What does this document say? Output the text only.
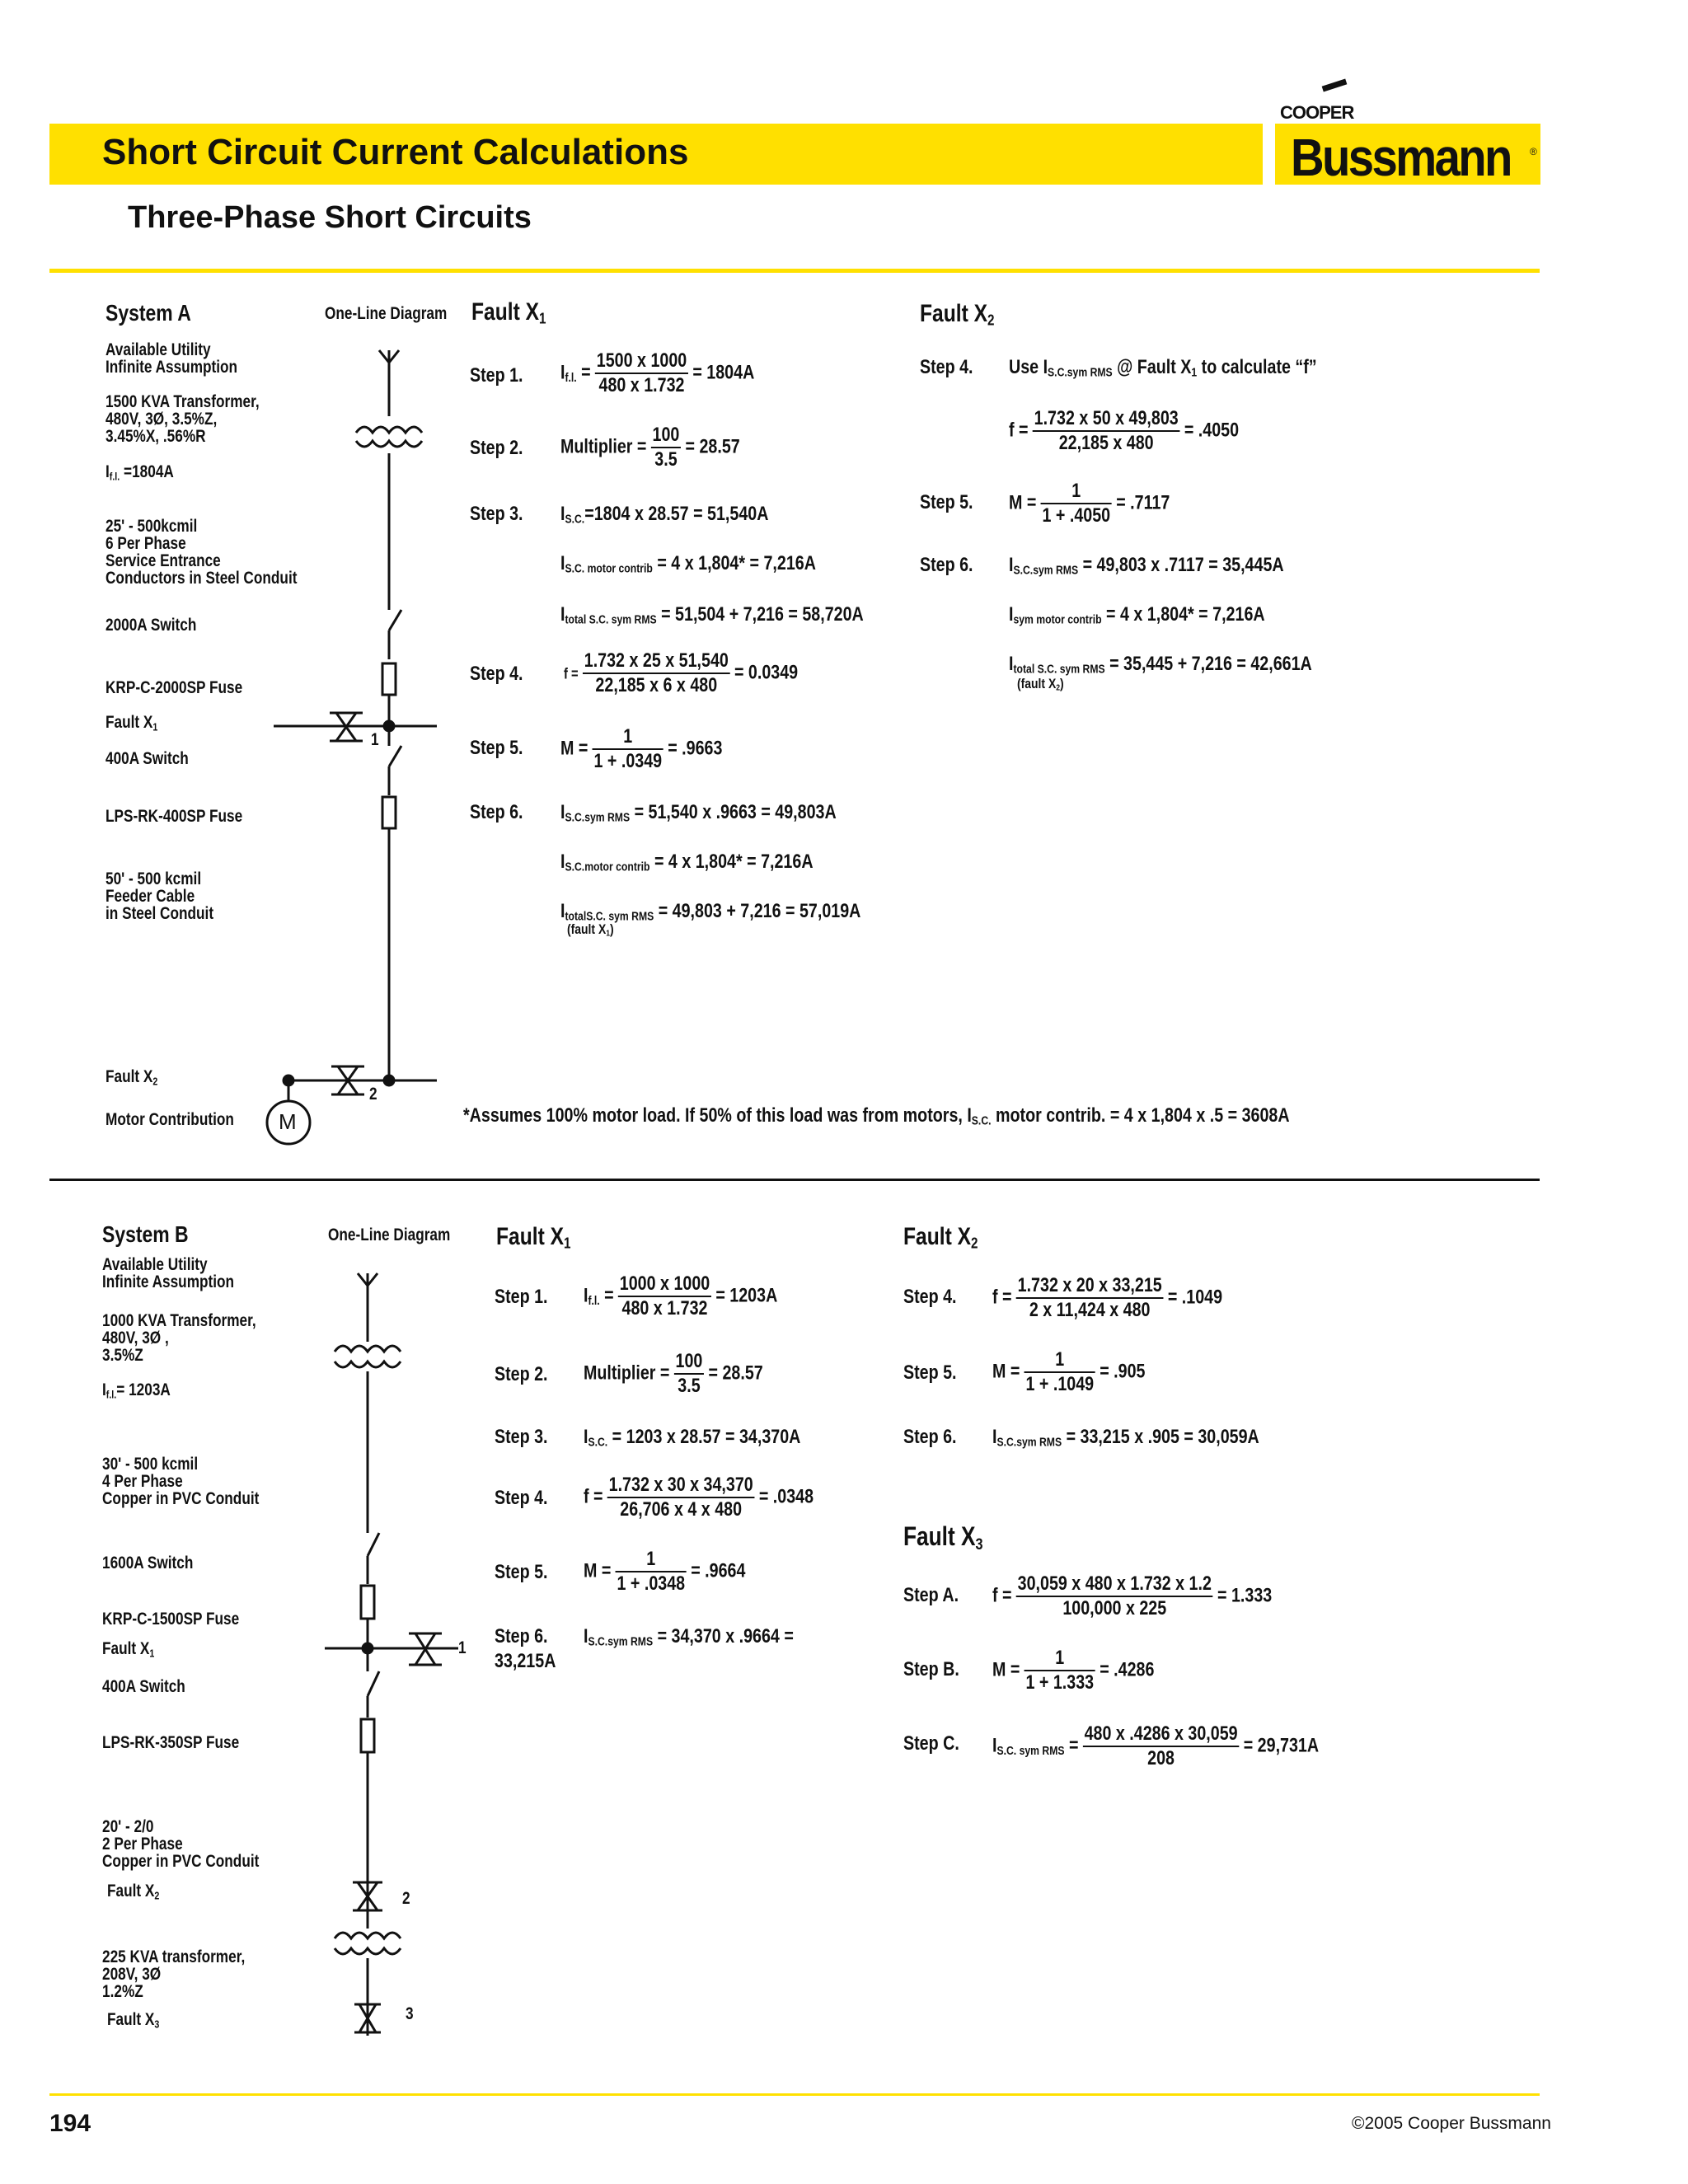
Short Circuit Current Calculations
COOPER
Bussmann ®
Three-Phase Short Circuits
System A	One-Line Diagram
Available Utility
Infinite Assumption
1500 KVA Transformer,
480V, 3Ø, 3.5%Z,
3.45%X, .56%R
$I_{f.l.} =1804A$
25' - 500kcmil
6 Per Phase
Service Entrance
Conductors in Steel Conduit
2000A Switch
KRP-C-2000SP Fuse
Fault $X_1$
400A Switch
LPS-RK-400SP Fuse
50' - 500 kcmil
Feeder Cable
in Steel Conduit
Fault $X_2$
Motor Contribution M
1
2
Fault $X_1$
Step 1. $I_{f.l.} = \frac{1500 x 1000}{480 x 1.732} = 1804A$
Step 2. Multiplier = $\frac{100}{3.5} = 28.57$
Step 3. $I_{S.C.}=1804$ x 28.57 = 51,540A
$I_{S.C. motor contrib} = 4$ x 1,804* = 7,216A
$I_{total S.C. sym RMS} = 51,504 + 7,216 = 58,720A$
Step 4.	$f = \frac{1.732 x 25 x 51,540}{22,185 x 6 x 480} = 0.0349$
Step 5. $M = \frac{1}{1 + .0349} = .9663$
Step 6. $I_{S.C.sym RMS} = 51,540$ x .9663 = 49,803A
$I_{S.C.motor contrib} = 4$ x 1,804* = 7,216A
$I_{totalS.C. sym RMS} = 49,803 + 7,216 = 57,019A$
(fault $X_1$)
Fault $X_2$
Step 4. Use $I_{S.C.sym RMS}$ @ Fault $X_1$ to calculate “f”
$f = \frac{1.732 x 50 x 49,803}{22,185 x 480} = .4050$
Step 5. $M = \frac{1}{1 + .4050} = .7117$
Step 6. $I_{S.C.sym RMS} = 49,803$ x .7117 = 35,445A
$I_{sym motor contrib} = 4$ x 1,804* = 7,216A
$I_{total S.C. sym RMS} = 35,445 + 7,216 = 42,661A$
(fault $X_2$)
*Assumes 100% motor load. If 50% of this load was from motors, $I_{S.C.}$ motor contrib. = 4 x 1,804 x .5 = 3608A
System B	One-Line Diagram
Available Utility
Infinite Assumption
1000 KVA Transformer,
480V, 3Ø ,
3.5%Z
$I_{f.l.}= 1203A$
30' - 500 kcmil
4 Per Phase
Copper in PVC Conduit
1600A Switch
KRP-C-1500SP Fuse
Fault $X_1$
400A Switch
LPS-RK-350SP Fuse
20' - 2/0
2 Per Phase
Copper in PVC Conduit
Fault $X_2$
225 KVA transformer,
208V, 3Ø
1.2%Z
Fault $X_3$
1
2
3
Fault $X_1$
Step 1. $I_{f.l.} = \frac{1000 x 1000}{480 x 1.732} = 1203A$
Step 2. Multiplier = $\frac{100}{3.5} = 28.57$
Step 3. $I_{S.C.} = 1203$ x 28.57 = 34,370A
Step 4. $f = \frac{1.732 x 30 x 34,370}{26,706 x 4 x 480} = .0348$
Step 5. $M = \frac{1}{1 + .0348} = .9664$
Step 6. $I_{S.C.sym RMS} = 34,370$ x .9664 =
33,215A
Fault $X_2$
Step 4. $f = \frac{1.732 x 20 x 33,215}{2 x 11,424 x 480} = .1049$
Step 5. $M = \frac{1}{1 + .1049} = .905$
Step 6. $I_{S.C.sym RMS} = 33,215$ x .905 = 30,059A
Fault $X_3$
Step A. $f = \frac{30,059 x 480 x 1.732 x 1.2}{100,000 x 225} = 1.333$
Step B. $M = \frac{1}{1 + 1.333} = .4286$
Step C. $I_{S.C. sym RMS} = \frac{480 x .4286 x 30,059}{208} = 29,731A$
194	©2005 Cooper Bussmann
